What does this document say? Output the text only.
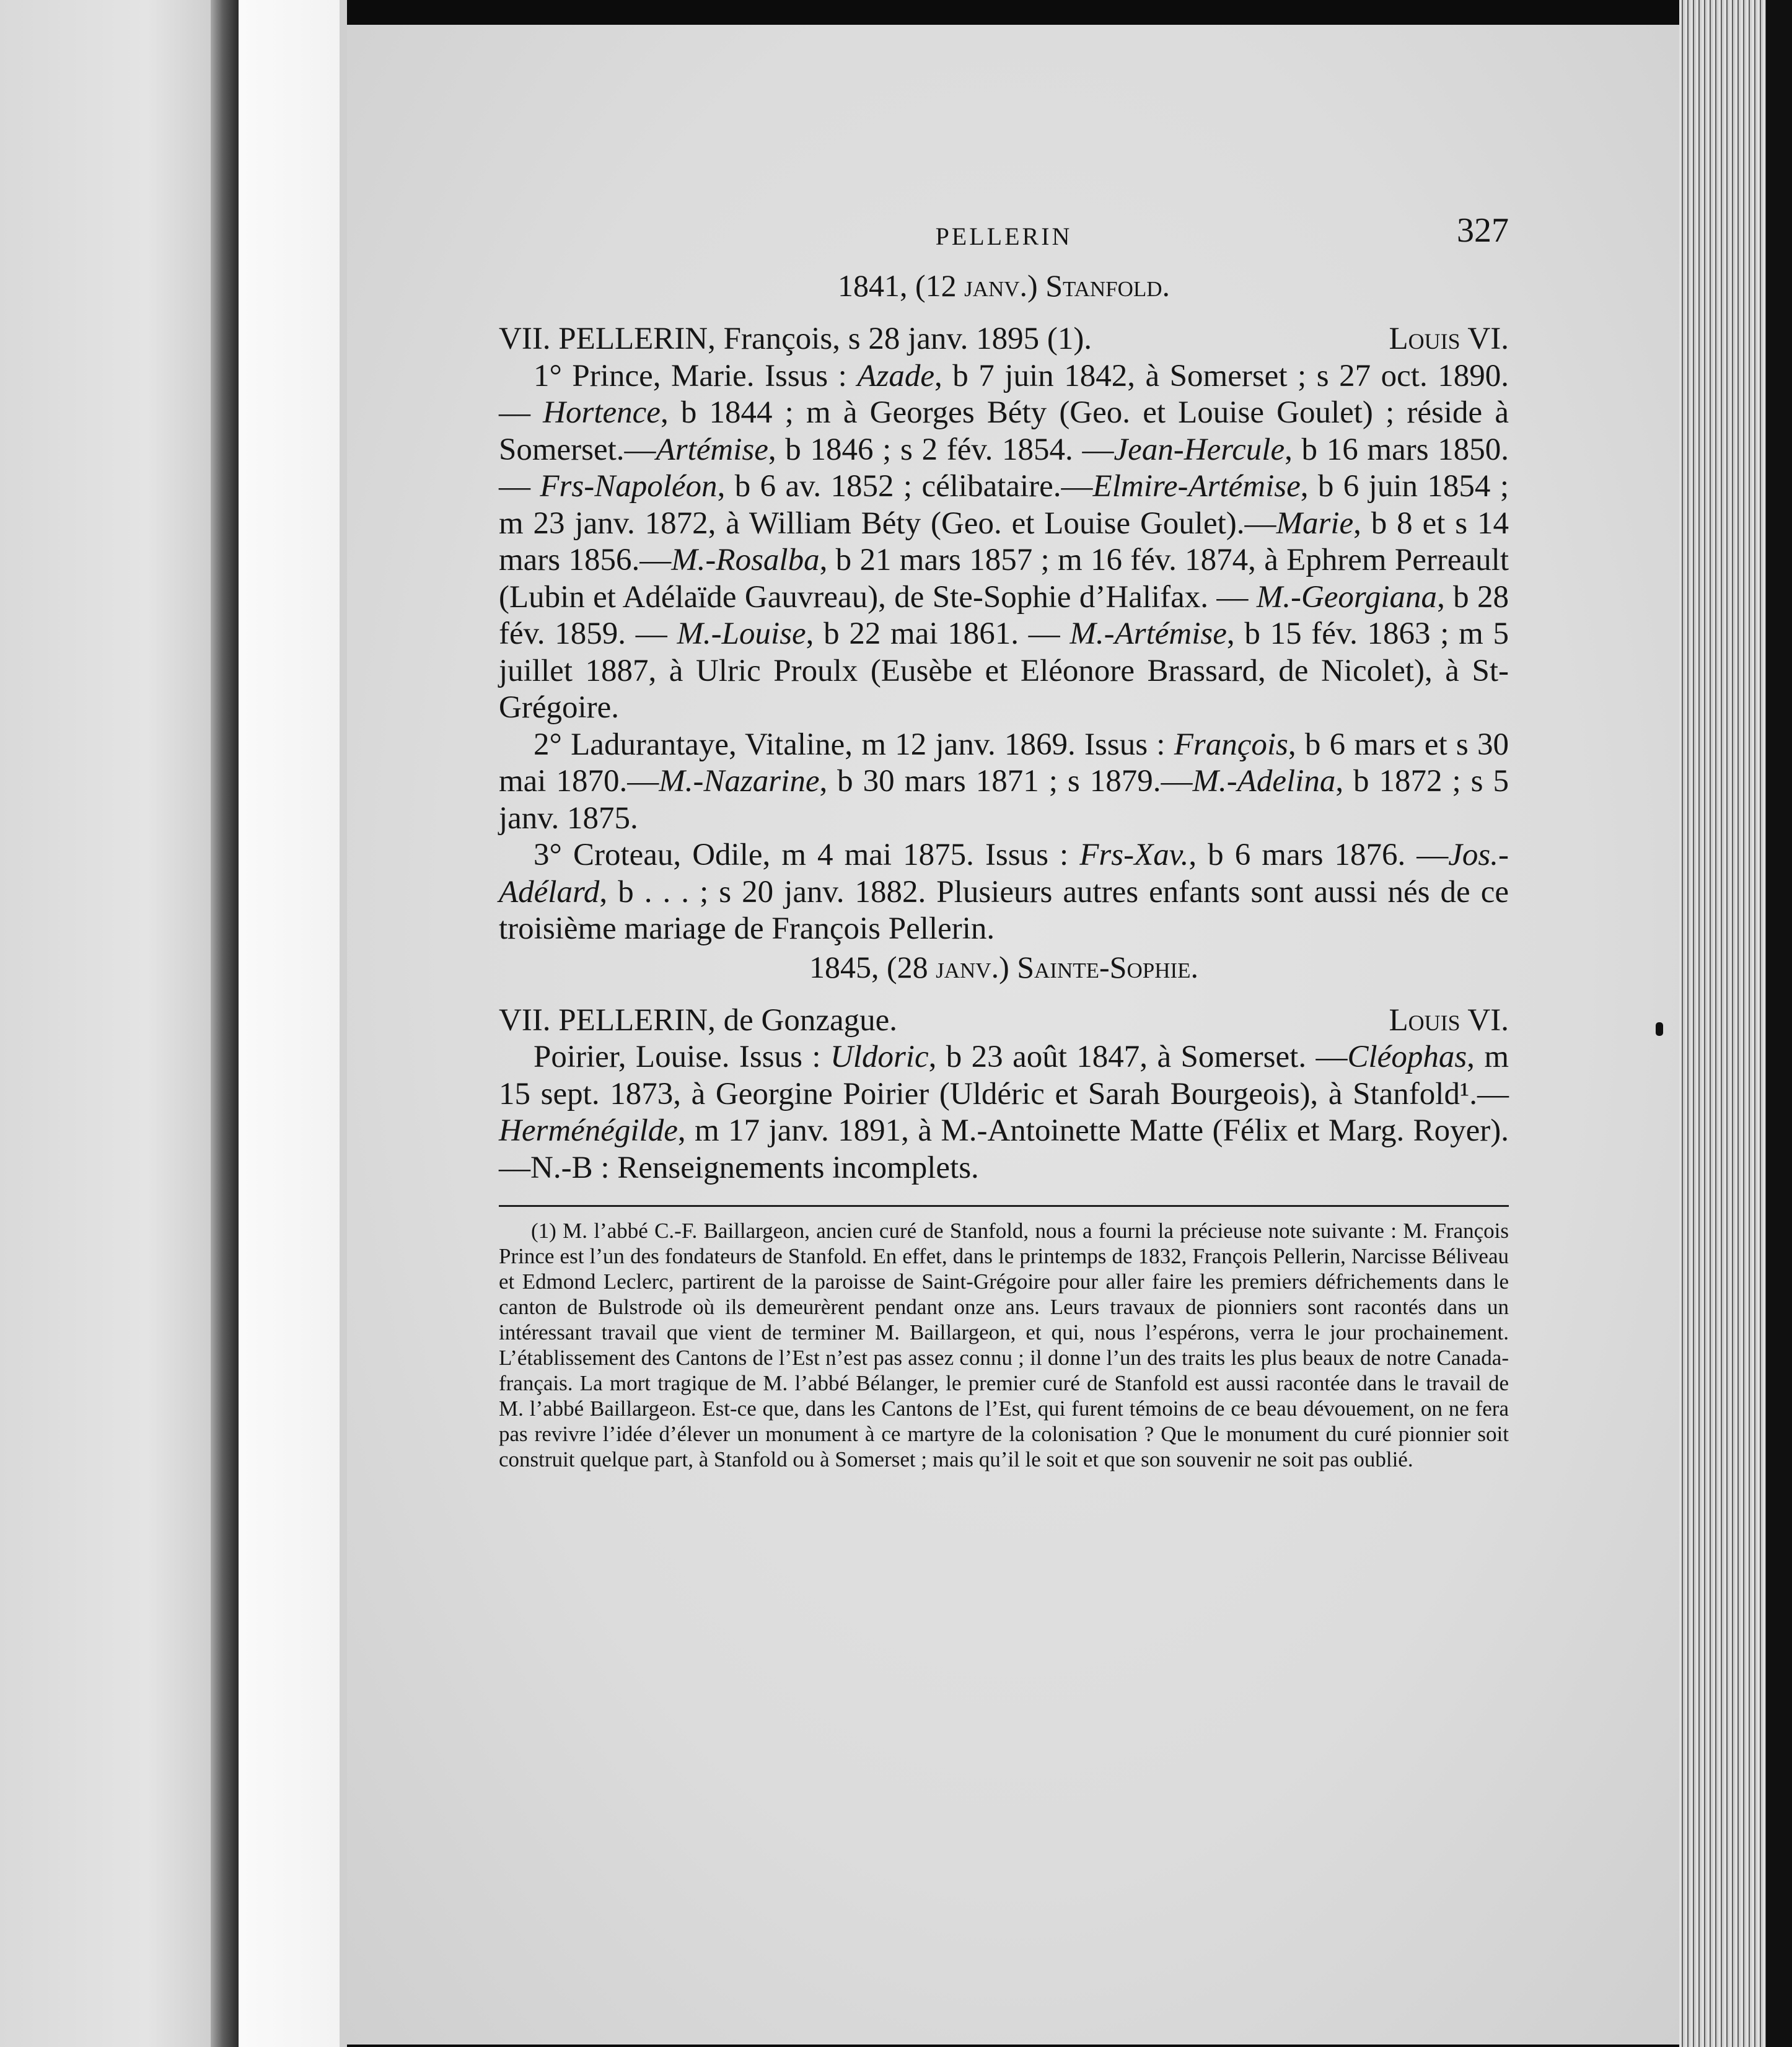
PELLERIN	327

1841, (12 janv.) Stanfold.

VII. PELLERIN, François, s 28 janv. 1895 (1).	Louis VI.

1° Prince, Marie. Issus : Azade, b 7 juin 1842, à Somerset ; s 27 oct. 1890. — Hortence, b 1844 ; m à Georges Béty (Geo. et Louise Goulet) ; réside à Somerset.—Artémise, b 1846 ; s 2 fév. 1854. —Jean-Hercule, b 16 mars 1850. — Frs-Napoléon, b 6 av. 1852 ; célibataire.—Elmire-Artémise, b 6 juin 1854 ; m 23 janv. 1872, à William Béty (Geo. et Louise Goulet).—Marie, b 8 et s 14 mars 1856.—M.-Rosalba, b 21 mars 1857 ; m 16 fév. 1874, à Ephrem Perreault (Lubin et Adélaïde Gauvreau), de Ste-Sophie d’Halifax. — M.-Georgiana, b 28 fév. 1859. — M.-Louise, b 22 mai 1861. — M.-Artémise, b 15 fév. 1863 ; m 5 juillet 1887, à Ulric Proulx (Eusèbe et Eléonore Brassard, de Nicolet), à St-Grégoire.

2° Ladurantaye, Vitaline, m 12 janv. 1869. Issus : François, b 6 mars et s 30 mai 1870.—M.-Nazarine, b 30 mars 1871 ; s 1879.—M.-Adelina, b 1872 ; s 5 janv. 1875.

3° Croteau, Odile, m 4 mai 1875. Issus : Frs-Xav., b 6 mars 1876. —Jos.-Adélard, b . . . ; s 20 janv. 1882. Plusieurs autres enfants sont aussi nés de ce troisième mariage de François Pellerin.

1845, (28 janv.) Sainte-Sophie.

VII. PELLERIN, de Gonzague.	Louis VI.

Poirier, Louise. Issus : Uldoric, b 23 août 1847, à Somerset. —Cléophas, m 15 sept. 1873, à Georgine Poirier (Uldéric et Sarah Bourgeois), à Stanfold¹.—Herménégilde, m 17 janv. 1891, à M.-Antoinette Matte (Félix et Marg. Royer).—N.-B : Renseignements incomplets.

(1) M. l’abbé C.-F. Baillargeon, ancien curé de Stanfold, nous a fourni la précieuse note suivante : M. François Prince est l’un des fondateurs de Stanfold. En effet, dans le printemps de 1832, François Pellerin, Narcisse Béliveau et Edmond Leclerc, partirent de la paroisse de Saint-Grégoire pour aller faire les premiers défrichements dans le canton de Bulstrode où ils demeurèrent pendant onze ans. Leurs travaux de pionniers sont racontés dans un intéressant travail que vient de terminer M. Baillargeon, et qui, nous l’espérons, verra le jour prochainement. L’établissement des Cantons de l’Est n’est pas assez connu ; il donne l’un des traits les plus beaux de notre Canada-français. La mort tragique de M. l’abbé Bélanger, le premier curé de Stanfold est aussi racontée dans le travail de M. l’abbé Baillargeon. Est-ce que, dans les Cantons de l’Est, qui furent témoins de ce beau dévouement, on ne fera pas revivre l’idée d’élever un monument à ce martyre de la colonisation ? Que le monument du curé pionnier soit construit quelque part, à Stanfold ou à Somerset ; mais qu’il le soit et que son souvenir ne soit pas oublié.
